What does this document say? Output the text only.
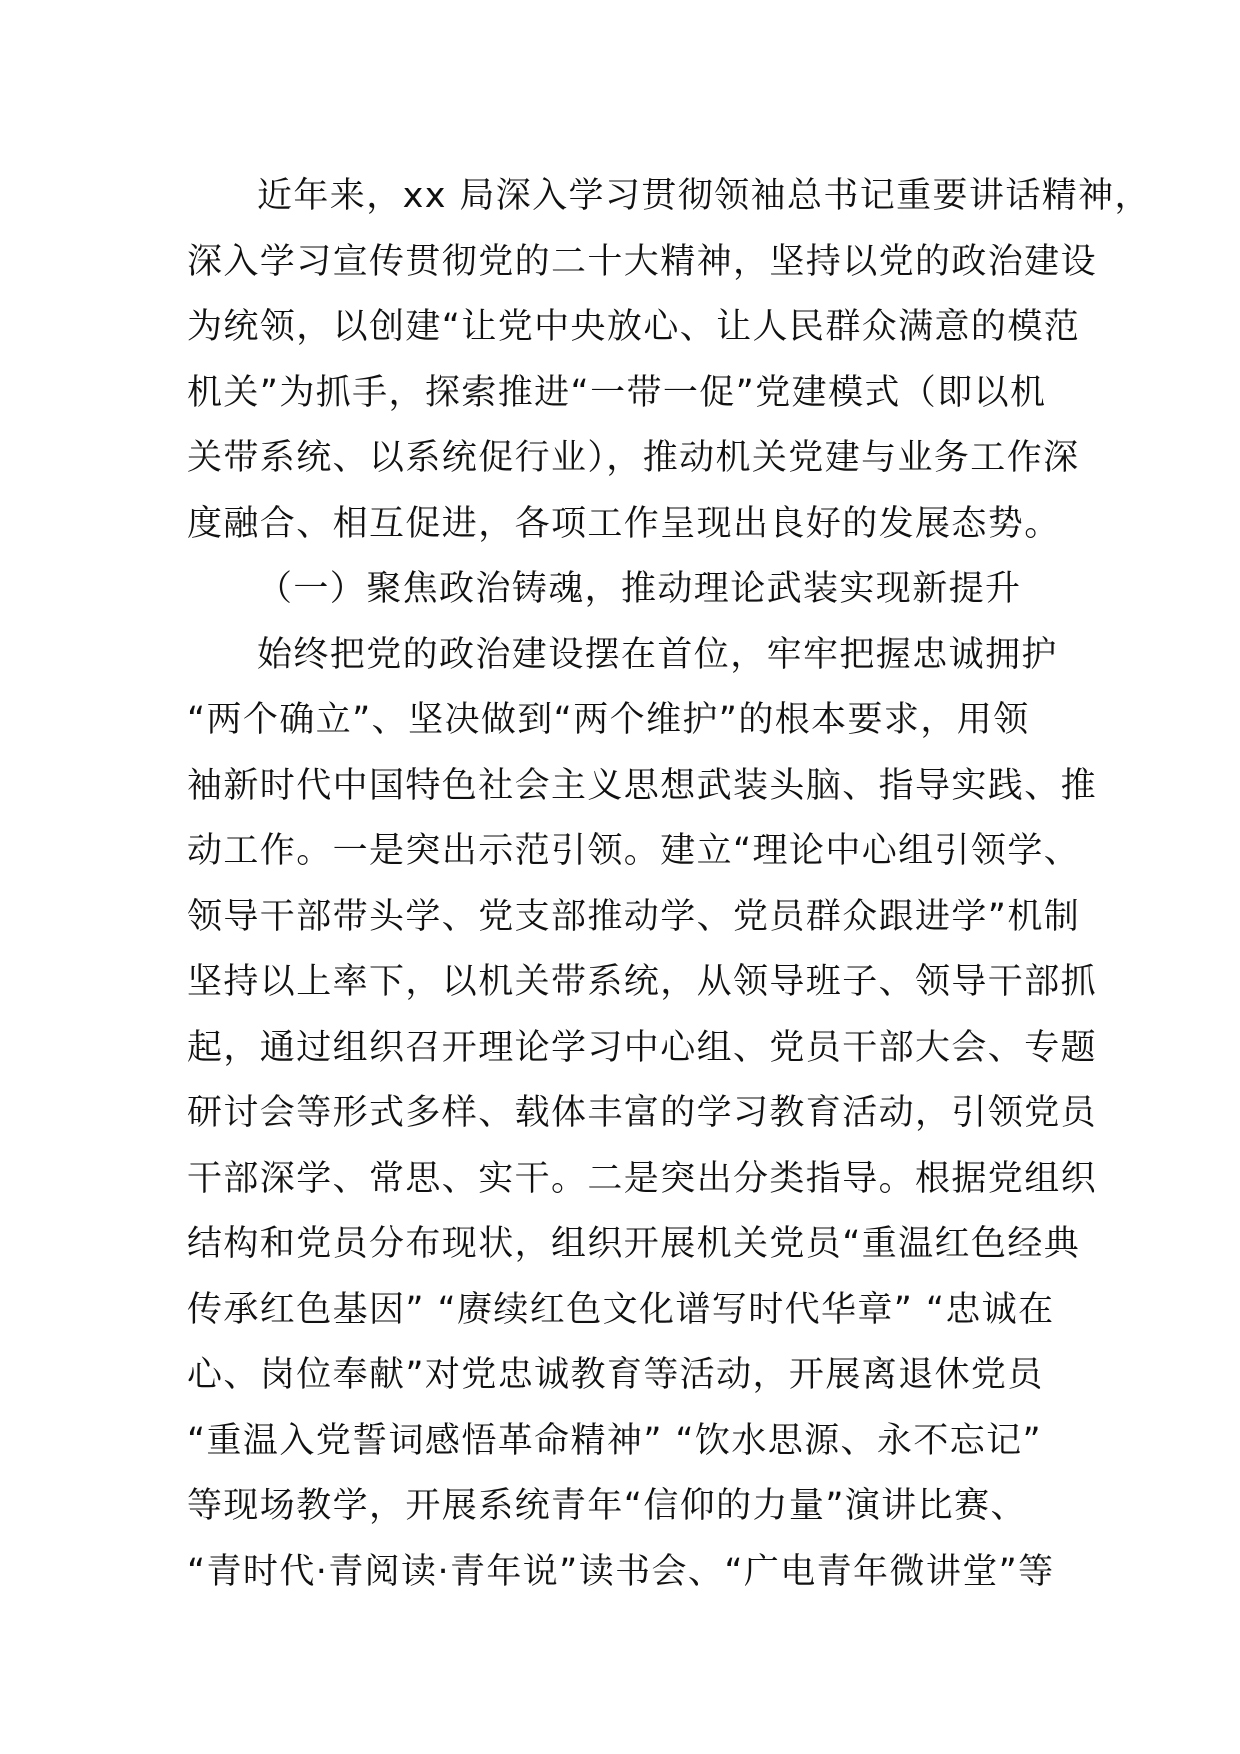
近年来，xx 局深入学习贯彻领袖总书记重要讲话精神，
深入学习宣传贯彻党的二十大精神，坚持以党的政治建设
为统领，以创建“让党中央放心、让人民群众满意的模范
机关”为抓手，探索推进“一带一促”党建模式（即以机
关带系统、以系统促行业），推动机关党建与业务工作深
度融合、相互促进，各项工作呈现出良好的发展态势。
（一）聚焦政治铸魂，推动理论武装实现新提升
始终把党的政治建设摆在首位，牢牢把握忠诚拥护
“两个确立”、坚决做到“两个维护”的根本要求，用领
袖新时代中国特色社会主义思想武装头脑、指导实践、推
动工作。一是突出示范引领。建立“理论中心组引领学、
领导干部带头学、党支部推动学、党员群众跟进学”机制
坚持以上率下，以机关带系统，从领导班子、领导干部抓
起，通过组织召开理论学习中心组、党员干部大会、专题
研讨会等形式多样、载体丰富的学习教育活动，引领党员
干部深学、常思、实干。二是突出分类指导。根据党组织
结构和党员分布现状，组织开展机关党员“重温红色经典
传承红色基因” “赓续红色文化谱写时代华章” “忠诚在
心、岗位奉献”对党忠诚教育等活动，开展离退休党员
“重温入党誓词感悟革命精神” “饮水思源、永不忘记”
等现场教学，开展系统青年“信仰的力量”演讲比赛、
“青时代·青阅读·青年说”读书会、“广电青年微讲堂”等
